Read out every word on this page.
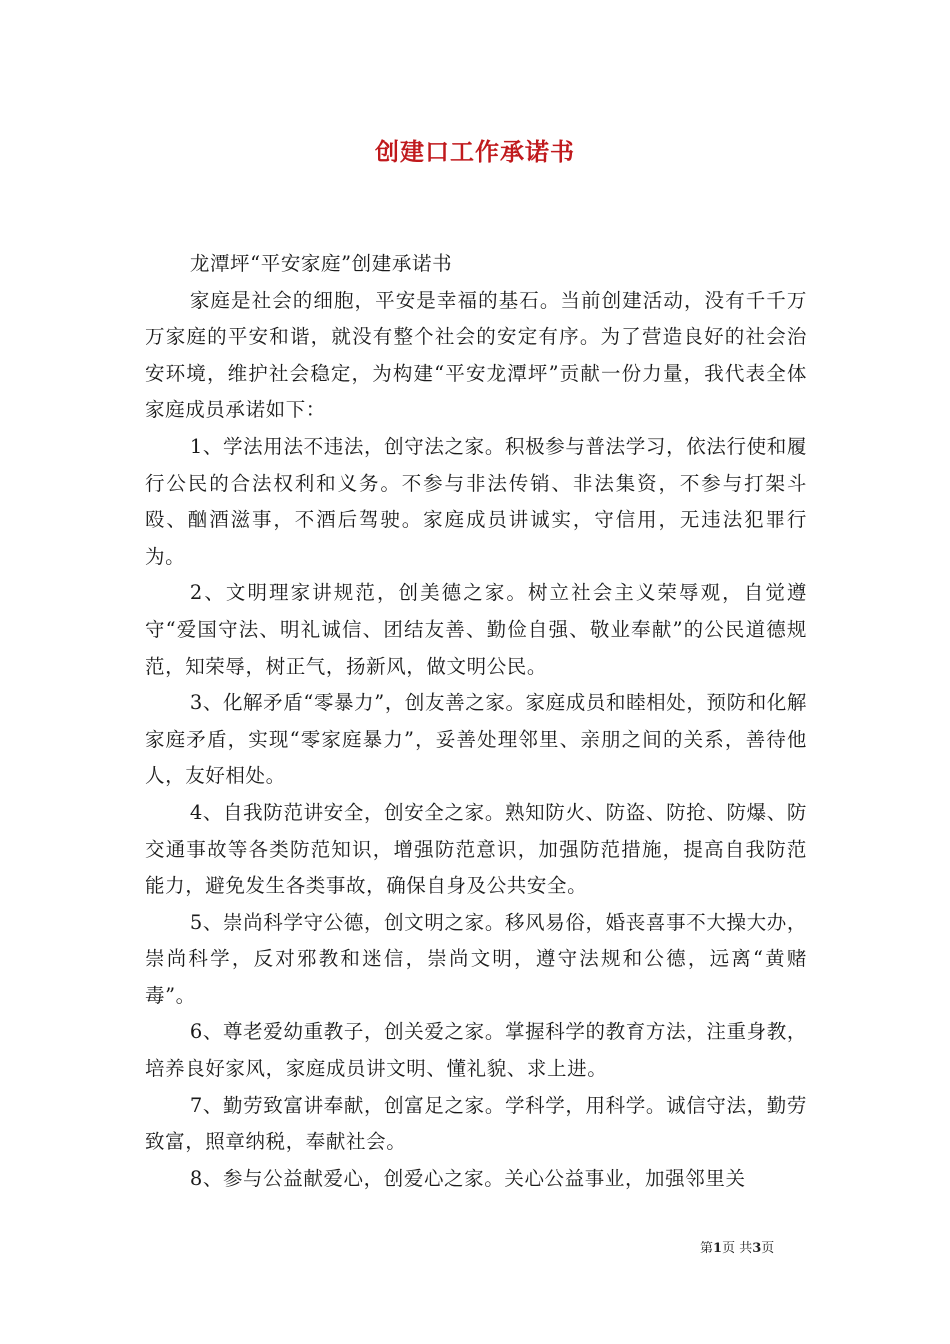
创建口工作承诺书

龙潭坪“平安家庭”创建承诺书

家庭是社会的细胞，平安是幸福的基石。当前创建活动，没有千千万万家庭的平安和谐，就没有整个社会的安定有序。为了营造良好的社会治安环境，维护社会稳定，为构建“平安龙潭坪”贡献一份力量，我代表全体家庭成员承诺如下：

1、学法用法不违法，创守法之家。积极参与普法学习，依法行使和履行公民的合法权利和义务。不参与非法传销、非法集资，不参与打架斗殴、酗酒滋事，不酒后驾驶。家庭成员讲诚实，守信用，无违法犯罪行为。

2、文明理家讲规范，创美德之家。树立社会主义荣辱观，自觉遵守“爱国守法、明礼诚信、团结友善、勤俭自强、敬业奉献”的公民道德规范，知荣辱，树正气，扬新风，做文明公民。

3、化解矛盾“零暴力”，创友善之家。家庭成员和睦相处，预防和化解家庭矛盾，实现“零家庭暴力”，妥善处理邻里、亲朋之间的关系，善待他人，友好相处。

4、自我防范讲安全，创安全之家。熟知防火、防盗、防抢、防爆、防交通事故等各类防范知识，增强防范意识，加强防范措施，提高自我防范能力，避免发生各类事故，确保自身及公共安全。

5、崇尚科学守公德，创文明之家。移风易俗，婚丧喜事不大操大办，崇尚科学，反对邪教和迷信，崇尚文明，遵守法规和公德，远离“黄赌毒”。

6、尊老爱幼重教子，创关爱之家。掌握科学的教育方法，注重身教，培养良好家风，家庭成员讲文明、懂礼貌、求上进。

7、勤劳致富讲奉献，创富足之家。学科学，用科学。诚信守法，勤劳致富，照章纳税，奉献社会。

8、参与公益献爱心，创爱心之家。关心公益事业，加强邻里关

第1页 共3页
